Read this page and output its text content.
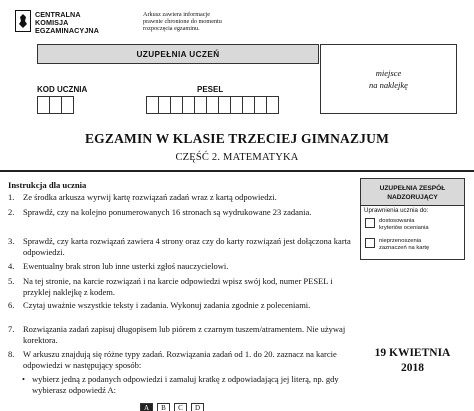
CENTRALNA
KOMISJA
EGZAMINACYJNA
Arkusz zawiera informacje
prawnie chronione do momentu
rozpoczęcia egzaminu.
UZUPEŁNIA UCZEŃ
miejsce
na naklejkę
KOD UCZNIA	PESEL
EGZAMIN W KLASIE TRZECIEJ GIMNAZJUM
CZĘŚĆ 2. MATEMATYKA
Instrukcja dla ucznia
1. Ze środka arkusza wyrwij kartę rozwiązań zadań wraz z kartą odpowiedzi.
2. Sprawdź, czy na kolejno ponumerowanych 16 stronach są wydrukowane 23 zadania.
3. Sprawdź, czy karta rozwiązań zawiera 4 strony oraz czy do karty rozwiązań jest dołączona karta odpowiedzi.
4. Ewentualny brak stron lub inne usterki zgłoś nauczycielowi.
5. Na tej stronie, na karcie rozwiązań i na karcie odpowiedzi wpisz swój kod, numer PESEL i przyklej naklejkę z kodem.
6. Czytaj uważnie wszystkie teksty i zadania. Wykonuj zadania zgodnie z poleceniami.
7. Rozwiązania zadań zapisuj długopisem lub piórem z czarnym tuszem/atramentem. Nie używaj korektora.
8. W arkuszu znajdują się różne typy zadań. Rozwiązania zadań od 1. do 20. zaznacz na karcie odpowiedzi w następujący sposób:
• wybierz jedną z podanych odpowiedzi i zamaluj kratkę z odpowiadającą jej literą, np. gdy wybierasz odpowiedź A:
A	B	C	D
UZUPEŁNIA ZESPÓŁ
NADZORUJĄCY
Uprawnienia ucznia do:
dostosowania
kryteriów oceniania
nieprzenoszenia
zaznaczeń na kartę
19 KWIETNIA
2018
